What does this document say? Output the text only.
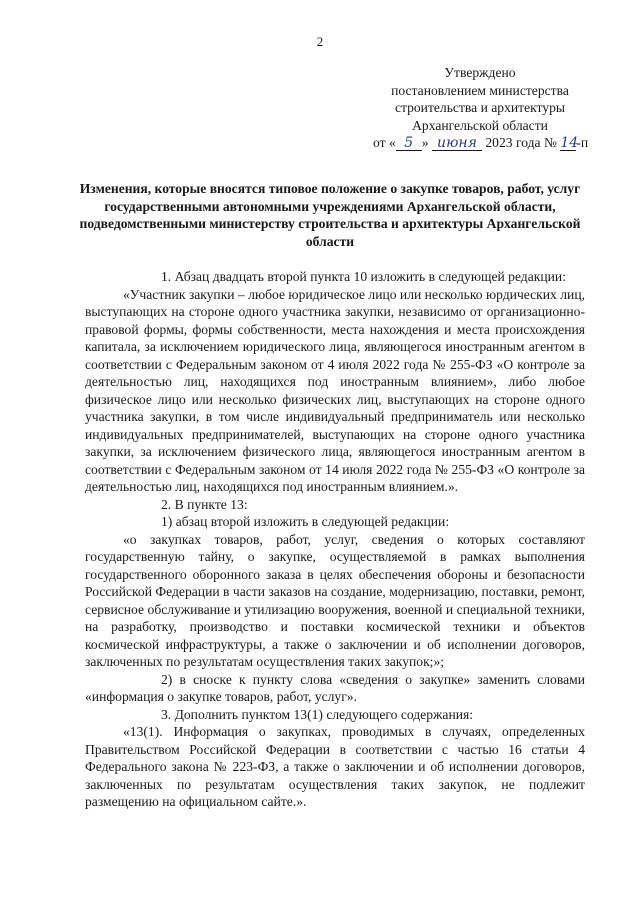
2
Утверждено
постановлением министерства
строительства и архитектуры
Архангельской области
от « 5 » июня 2023 года № 14-п
Изменения, которые вносятся типовое положение о закупке товаров, работ, услуг государственными автономными учреждениями Архангельской области, подведомственными министерству строительства и архитектуры Архангельской области

1. Абзац двадцать второй пункта 10 изложить в следующей редакции:

«Участник закупки – любое юридическое лицо или несколько юрдических лиц, выступающих на стороне одного участника закупки, независимо от организационно-правовой формы, формы собственности, места нахождения и места происхождения капитала, за исключением юридического лица, являющегося иностранным агентом в соответствии с Федеральным законом от 4 июля 2022 года № 255-ФЗ «О контроле за деятельностью лиц, находящихся под иностранным влиянием», либо любое физическое лицо или несколько физических лиц, выступающих на стороне одного участника закупки, в том числе индивидуальный предприниматель или несколько индивидуальных предпринимателей, выступающих на стороне одного участника закупки, за исключением физического лица, являющегося иностранным агентом в соответствии с Федеральным законом от 14 июля 2022 года № 255-ФЗ «О контроле за деятельностью лиц, находящихся под иностранным влиянием.».

2. В пункте 13:

1) абзац второй изложить в следующей редакции:

«о закупках товаров, работ, услуг, сведения о которых составляют государственную тайну, о закупке, осуществляемой в рамках выполнения государственного оборонного заказа в целях обеспечения обороны и безопасности Российской Федерации в части заказов на создание, модернизацию, поставки, ремонт, сервисное обслуживание и утилизацию вооружения, военной и специальной техники, на разработку, производство и поставки космической техники и объектов космической инфраструктуры, а также о заключении и об исполнении договоров, заключенных по результатам осуществления таких закупок;»;

2) в сноске к пункту слова «сведения о закупке» заменить словами «информация о закупке товаров, работ, услуг».

3. Дополнить пунктом 13(1) следующего содержания:

«13(1). Информация о закупках, проводимых в случаях, определенных Правительством Российской Федерации в соответствии с частью 16 статьи 4 Федерального закона № 223-ФЗ, а также о заключении и об исполнении договоров, заключенных по результатам осуществления таких закупок, не подлежит размещению на официальном сайте.».
